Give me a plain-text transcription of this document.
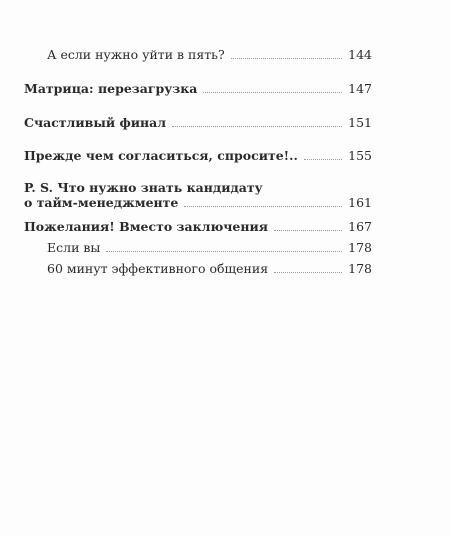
А если нужно уйти в пять?	144
Матрица: перезагрузка	147
Счастливый финал	151
Прежде чем согласиться, спросите!..	155
P. S. Что нужно знать кандидату
о тайм-менеджменте	161
Пожелания! Вместо заключения	167
Если вы	178
60 минут эффективного общения	178
